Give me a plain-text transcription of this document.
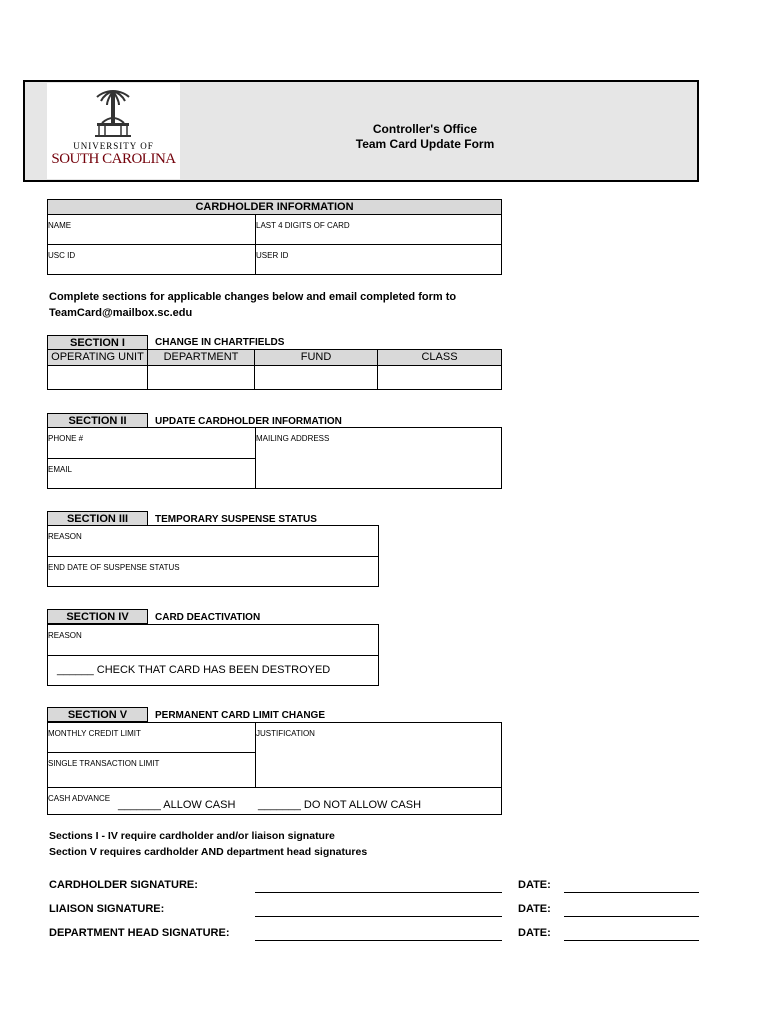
UNIVERSITY OF
SOUTH CAROLINA
Controller's Office
Team Card Update Form
CARDHOLDER INFORMATION
NAME	LAST 4 DIGITS OF CARD
USC ID	USER ID
Complete sections for applicable changes below and email completed form to
TeamCard@mailbox.sc.edu
SECTION I	CHANGE IN CHARTFIELDS
OPERATING UNIT	DEPARTMENT	FUND	CLASS
SECTION II	UPDATE CARDHOLDER INFORMATION
PHONE #	MAILING ADDRESS
EMAIL
SECTION III	TEMPORARY SUSPENSE STATUS
REASON
END DATE OF SUSPENSE STATUS
SECTION IV	CARD DEACTIVATION
REASON
______ CHECK THAT CARD HAS BEEN DESTROYED
SECTION V	PERMANENT CARD LIMIT CHANGE
MONTHLY CREDIT LIMIT	JUSTIFICATION
SINGLE TRANSACTION LIMIT
CASH ADVANCE
_______ ALLOW CASH _______ DO NOT ALLOW CASH
Sections I - IV require cardholder and/or liaison signature
Section V requires cardholder AND department head signatures
CARDHOLDER SIGNATURE:	DATE:
LIAISON SIGNATURE:	DATE:
DEPARTMENT HEAD SIGNATURE:	DATE:
